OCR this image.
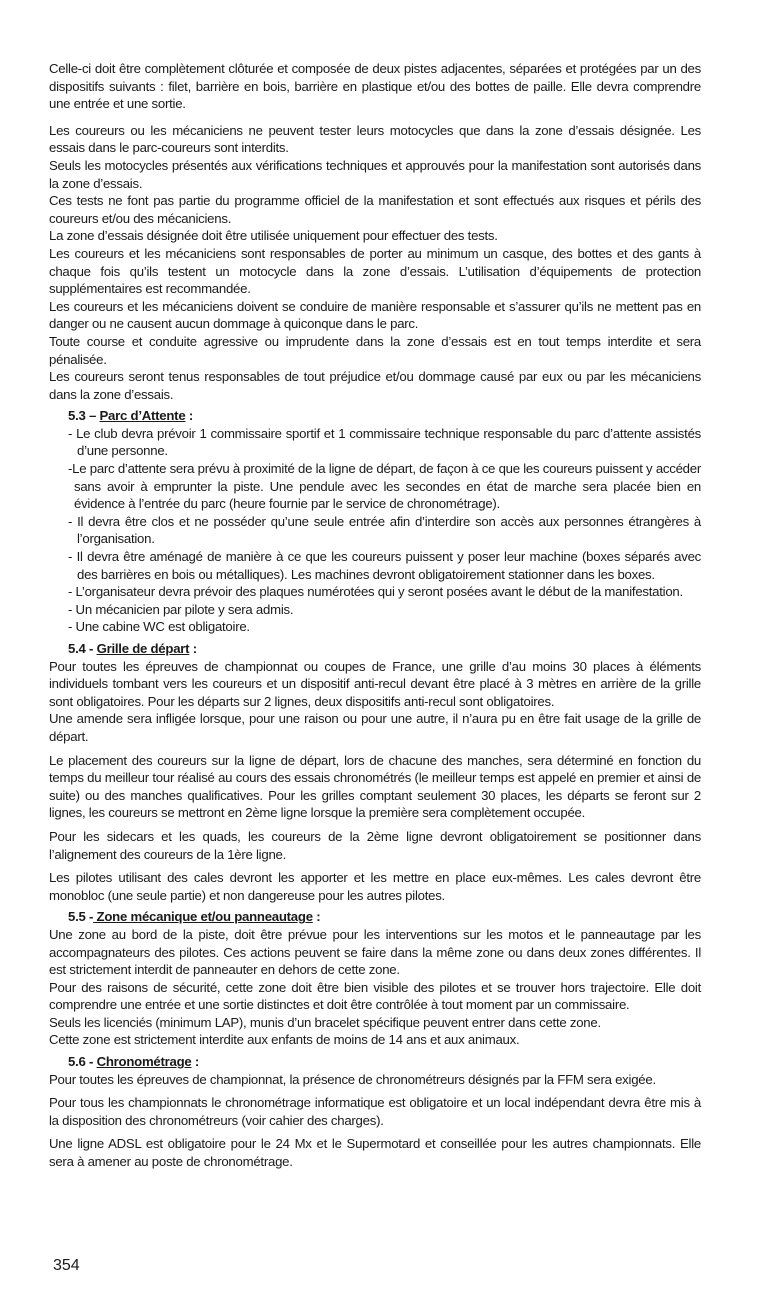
Celle-ci doit être complètement clôturée et composée de deux pistes adjacentes, séparées et protégées par un des dispositifs suivants : filet, barrière en bois, barrière en plastique et/ou des bottes de paille. Elle devra comprendre une entrée et une sortie.

Les coureurs ou les mécaniciens ne peuvent tester leurs motocycles que dans la zone d’essais désignée. Les essais dans le parc-coureurs sont interdits.

Seuls les motocycles présentés aux vérifications techniques et approuvés pour la manifestation sont autorisés dans la zone d’essais.

Ces tests ne font pas partie du programme officiel de la manifestation et sont effectués aux risques et périls des coureurs et/ou des mécaniciens.

La zone d’essais désignée doit être utilisée uniquement pour effectuer des tests.

Les coureurs et les mécaniciens sont responsables de porter au minimum un casque, des bottes et des gants à chaque fois qu’ils testent un motocycle dans la zone d’essais. L’utilisation d’équipements de protection supplémentaires est recommandée.

Les coureurs et les mécaniciens doivent se conduire de manière responsable et s’assurer qu’ils ne mettent pas en danger ou ne causent aucun dommage à quiconque dans le parc.

Toute course et conduite agressive ou imprudente dans la zone d’essais est en tout temps interdite et sera pénalisée.

Les coureurs seront tenus responsables de tout préjudice et/ou dommage causé par eux ou par les mécaniciens dans la zone d’essais.

5.3 – Parc d’Attente :

- Le club devra prévoir 1 commissaire sportif et 1 commissaire technique responsable du parc d’attente assistés d’une personne.
-Le parc d’attente sera prévu à proximité de la ligne de départ, de façon à ce que les coureurs puissent y accéder sans avoir à emprunter la piste. Une pendule avec les secondes en état de marche sera placée bien en évidence à l’entrée du parc (heure fournie par le service de chronométrage).
- Il devra être clos et ne posséder qu’une seule entrée afin d’interdire son accès aux personnes étrangères à l’organisation.
- Il devra être aménagé de manière à ce que les coureurs puissent y poser leur machine (boxes séparés avec des barrières en bois ou métalliques). Les machines devront obligatoirement stationner dans les boxes.
- L’organisateur devra prévoir des plaques numérotées qui y seront posées avant le début de la manifestation.
- Un mécanicien par pilote y sera admis.
- Une cabine WC est obligatoire.

5.4 - Grille de départ :

Pour toutes les épreuves de championnat ou coupes de France, une grille d’au moins 30 places à éléments individuels tombant vers les coureurs et un dispositif anti-recul devant être placé à 3 mètres en arrière de la grille sont obligatoires. Pour les départs sur 2 lignes, deux dispositifs anti-recul sont obligatoires.

Une amende sera infligée lorsque, pour une raison ou pour une autre, il n’aura pu en être fait usage de la grille de départ.

Le placement des coureurs sur la ligne de départ, lors de chacune des manches, sera déterminé en fonction du temps du meilleur tour réalisé au cours des essais chronométrés (le meilleur temps est appelé en premier et ainsi de suite) ou des manches qualificatives. Pour les grilles comptant seulement 30 places, les départs se feront sur 2 lignes, les coureurs se mettront en 2ème ligne lorsque la première sera complètement occupée.

Pour les sidecars et les quads, les coureurs de la 2ème ligne devront obligatoirement se positionner dans l’alignement des coureurs de la 1ère ligne.

Les pilotes utilisant des cales devront les apporter et les mettre en place eux-mêmes. Les cales devront être monobloc (une seule partie) et non dangereuse pour les autres pilotes.

5.5 - Zone mécanique et/ou panneautage :

Une zone au bord de la piste, doit être prévue pour les interventions sur les motos et le panneautage par les accompagnateurs des pilotes. Ces actions peuvent se faire dans la même zone ou dans deux zones différentes. Il est strictement interdit de panneauter en dehors de cette zone.

Pour des raisons de sécurité, cette zone doit être bien visible des pilotes et se trouver hors trajectoire. Elle doit comprendre une entrée et une sortie distinctes et doit être contrôlée à tout moment par un commissaire.

Seuls les licenciés (minimum LAP), munis d’un bracelet spécifique peuvent entrer dans cette zone.

Cette zone est strictement interdite aux enfants de moins de 14 ans et aux animaux.

5.6 - Chronométrage :

Pour toutes les épreuves de championnat, la présence de chronométreurs désignés par la FFM sera exigée.

Pour tous les championnats le chronométrage informatique est obligatoire et un local indépendant devra être mis à la disposition des chronométreurs (voir cahier des charges).

Une ligne ADSL est obligatoire pour le 24 Mx et le Supermotard et conseillée pour les autres championnats. Elle sera à amener au poste de chronométrage.

354
